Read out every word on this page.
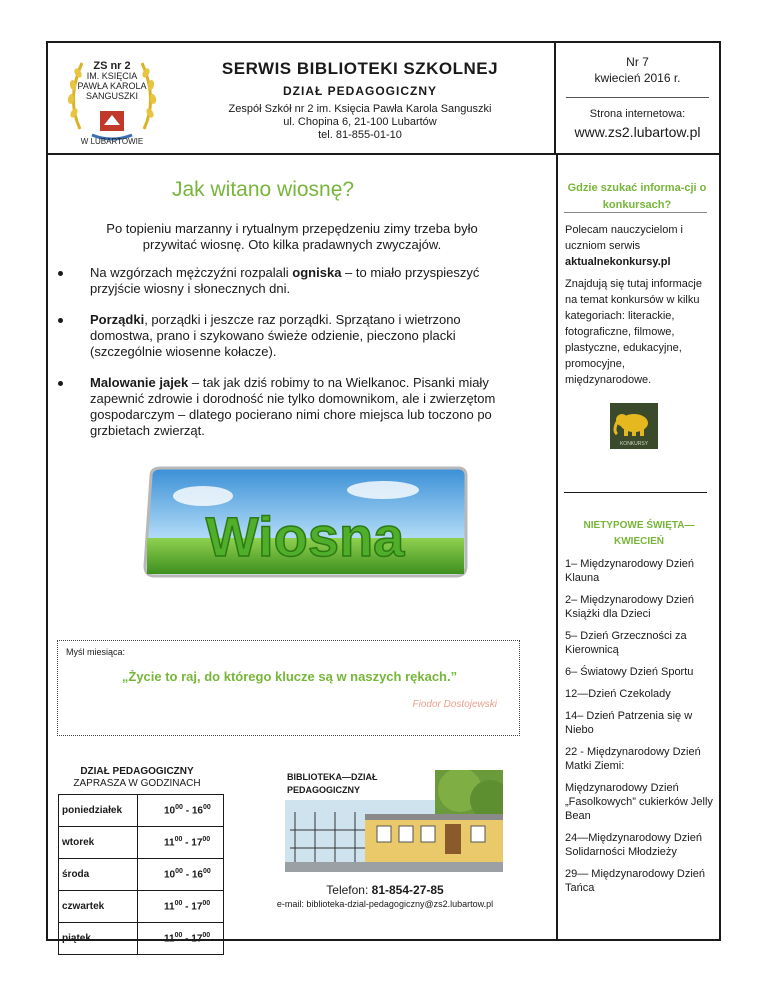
ZS nr 2
IM. KSIĘCIA
PAWŁA KAROLA
SANGUSZKI
W LUBARTOWIE
SERWIS BIBLIOTEKI SZKOLNEJ
DZIAŁ PEDAGOGICZNY
Zespół Szkół nr 2 im. Księcia Pawła Karola Sanguszki
ul. Chopina 6, 21-100 Lubartów
tel. 81-855-01-10
Nr 7
kwiecień 2016 r.
Strona internetowa:
www.zs2.lubartow.pl
Jak witano wiosnę?
Po topieniu marzanny i rytualnym przepędzeniu zimy trzeba było przywitać wiosnę. Oto kilka pradawnych zwyczajów.
Na wzgórzach mężczyźni rozpalali ogniska – to miało przyspieszyć przyjście wiosny i słonecznych dni.
Porządki, porządki i jeszcze raz porządki. Sprzątano i wietrzono domostwa, prano i szykowano świeże odzienie, pieczono placki (szczególnie wiosenne kołacze).
Malowanie jajek – tak jak dziś robimy to na Wielkanoc. Pisanki miały zapewnić zdrowie i dorodność nie tylko domownikom, ale i zwierzętom gospodarczym – dlatego pocierano nimi chore miejsca lub toczono po grzbietach zwierząt.
Wiosna
Myśl miesiąca:
„Życie to raj, do którego klucze są w naszych rękach.”
Fiodor Dostojewski
DZIAŁ PEDAGOGICZNY
ZAPRASZA W GODZINACH
poniedziałek	$10^{00} - 16^{00}$
wtorek	$11^{00} - 17^{00}$
środa	$10^{00} - 16^{00}$
czwartek	$11^{00} - 17^{00}$
piątek	$11^{00} - 17^{00}$
BIBLIOTEKA—DZIAŁ
PEDAGOGICZNY
Telefon: 81-854-27-85
e-mail: biblioteka-dzial-pedagogiczny@zs2.lubartow.pl
Gdzie szukać informa-cji o konkursach?
Polecam nauczycielom i uczniom serwis aktualnekonkursy.pl
Znajdują się tutaj informacje na temat konkursów w kilku kategoriach: literackie, fotograficzne, filmowe, plastyczne, edukacyjne, promocyjne, międzynarodowe.
KONKURSY
NIETYPOWE ŚWIĘTA—KWIECIEŃ
1– Międzynarodowy Dzień Klauna
2– Międzynarodowy Dzień Książki dla Dzieci
5– Dzień Grzeczności za Kierownicą
6– Światowy Dzień Sportu
12—Dzień Czekolady
14– Dzień Patrzenia się w Niebo
22 - Międzynarodowy Dzień Matki Ziemi:
Międzynarodowy Dzień „Fasolkowych” cukierków Jelly Bean
24—Międzynarodowy Dzień Solidarności Młodzieży
29— Międzynarodowy Dzień Tańca
